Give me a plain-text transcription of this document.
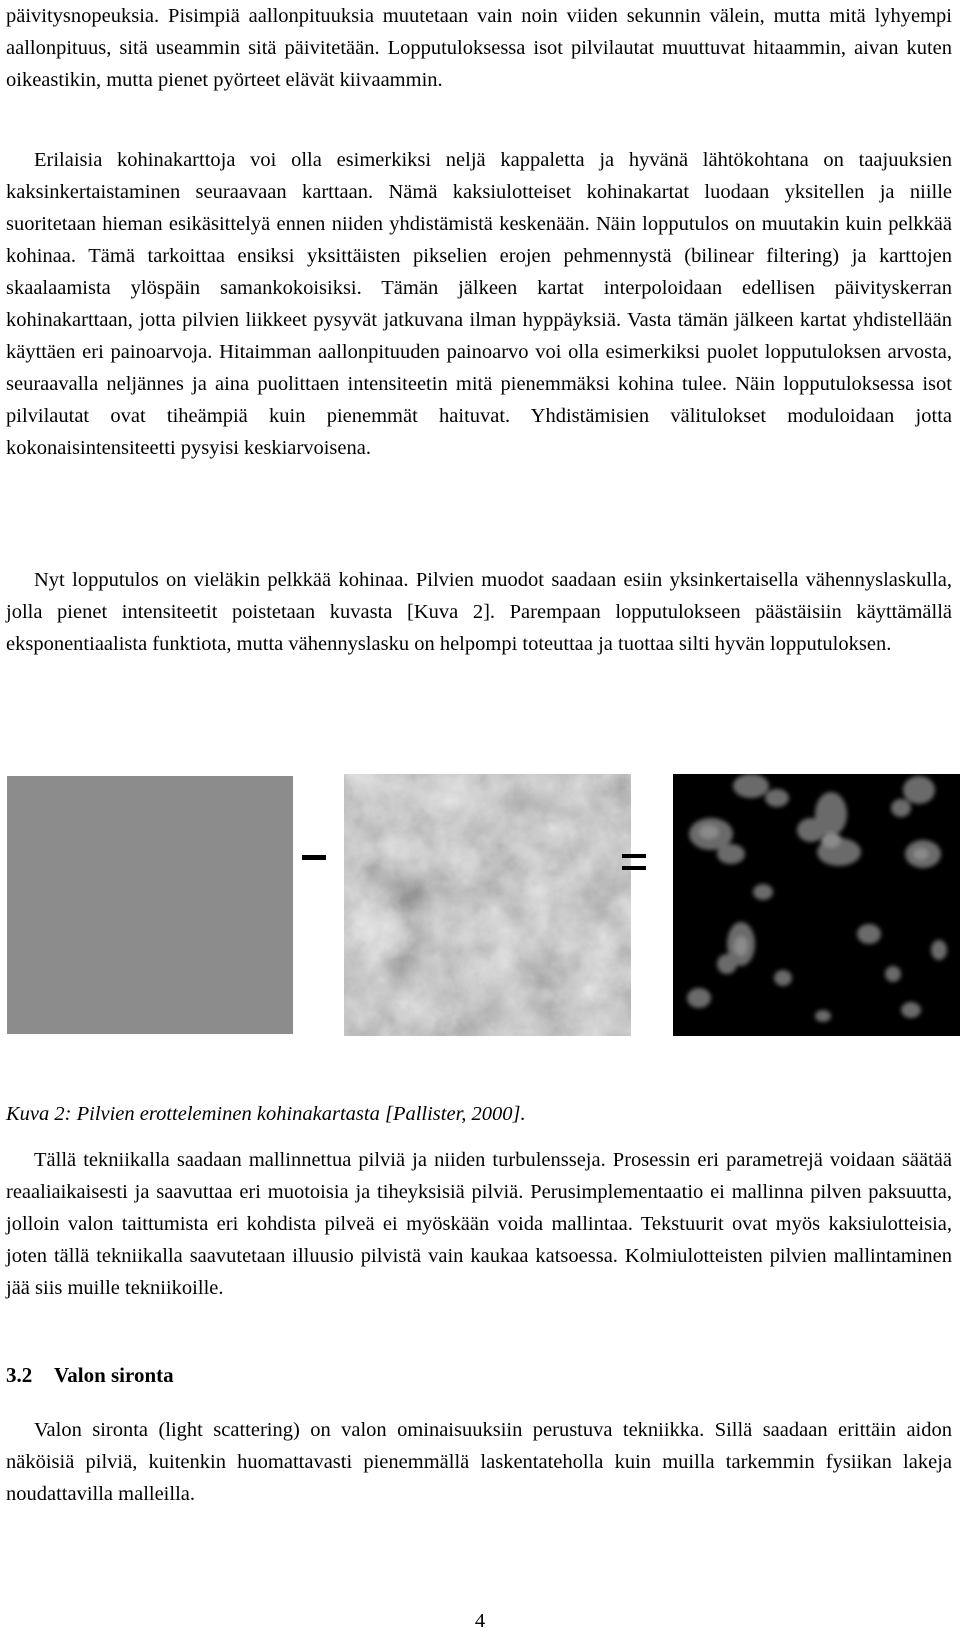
päivitysnopeuksia. Pisimpiä aallonpituuksia muutetaan vain noin viiden sekunnin välein, mutta mitä lyhyempi aallonpituus, sitä useammin sitä päivitetään. Lopputuloksessa isot pilvilautat muuttuvat hitaammin, aivan kuten oikeastikin, mutta pienet pyörteet elävät kiivaammin.

Erilaisia kohinakarttoja voi olla esimerkiksi neljä kappaletta ja hyvänä lähtökohtana on taajuuksien kaksinkertaistaminen seuraavaan karttaan. Nämä kaksiulotteiset kohinakartat luodaan yksitellen ja niille suoritetaan hieman esikäsittelyä ennen niiden yhdistämistä keskenään. Näin lopputulos on muutakin kuin pelkkää kohinaa. Tämä tarkoittaa ensiksi yksittäisten pikselien erojen pehmennystä (bilinear filtering) ja karttojen skaalaamista ylöspäin samankokoisiksi. Tämän jälkeen kartat interpoloidaan edellisen päivityskerran kohinakarttaan, jotta pilvien liikkeet pysyvät jatkuvana ilman hyppäyksiä. Vasta tämän jälkeen kartat yhdistellään käyttäen eri painoarvoja. Hitaimman aallonpituuden painoarvo voi olla esimerkiksi puolet lopputuloksen arvosta, seuraavalla neljännes ja aina puolittaen intensiteetin mitä pienemmäksi kohina tulee. Näin lopputuloksessa isot pilvilautat ovat tiheämpiä kuin pienemmät haituvat. Yhdistämisien välitulokset moduloidaan jotta kokonaisintensiteetti pysyisi keskiarvoisena.

Nyt lopputulos on vieläkin pelkkää kohinaa. Pilvien muodot saadaan esiin yksinkertaisella vähennyslaskulla, jolla pienet intensiteetit poistetaan kuvasta [Kuva 2]. Parempaan lopputulokseen päästäisiin käyttämällä eksponentiaalista funktiota, mutta vähennyslasku on helpompi toteuttaa ja tuottaa silti hyvän lopputuloksen.

Kuva 2: Pilvien erotteleminen kohinakartasta [Pallister, 2000].

Tällä tekniikalla saadaan mallinnettua pilviä ja niiden turbulensseja. Prosessin eri parametrejä voidaan säätää reaaliaikaisesti ja saavuttaa eri muotoisia ja tiheyksisiä pilviä. Perusimplementaatio ei mallinna pilven paksuutta, jolloin valon taittumista eri kohdista pilveä ei myöskään voida mallintaa. Tekstuurit ovat myös kaksiulotteisia, joten tällä tekniikalla saavutetaan illuusio pilvistä vain kaukaa katsoessa. Kolmiulotteisten pilvien mallintaminen jää siis muille tekniikoille.

3.2 Valon sironta

Valon sironta (light scattering) on valon ominaisuuksiin perustuva tekniikka. Sillä saadaan erittäin aidon näköisiä pilviä, kuitenkin huomattavasti pienemmällä laskentateholla kuin muilla tarkemmin fysiikan lakeja noudattavilla malleilla.

4
